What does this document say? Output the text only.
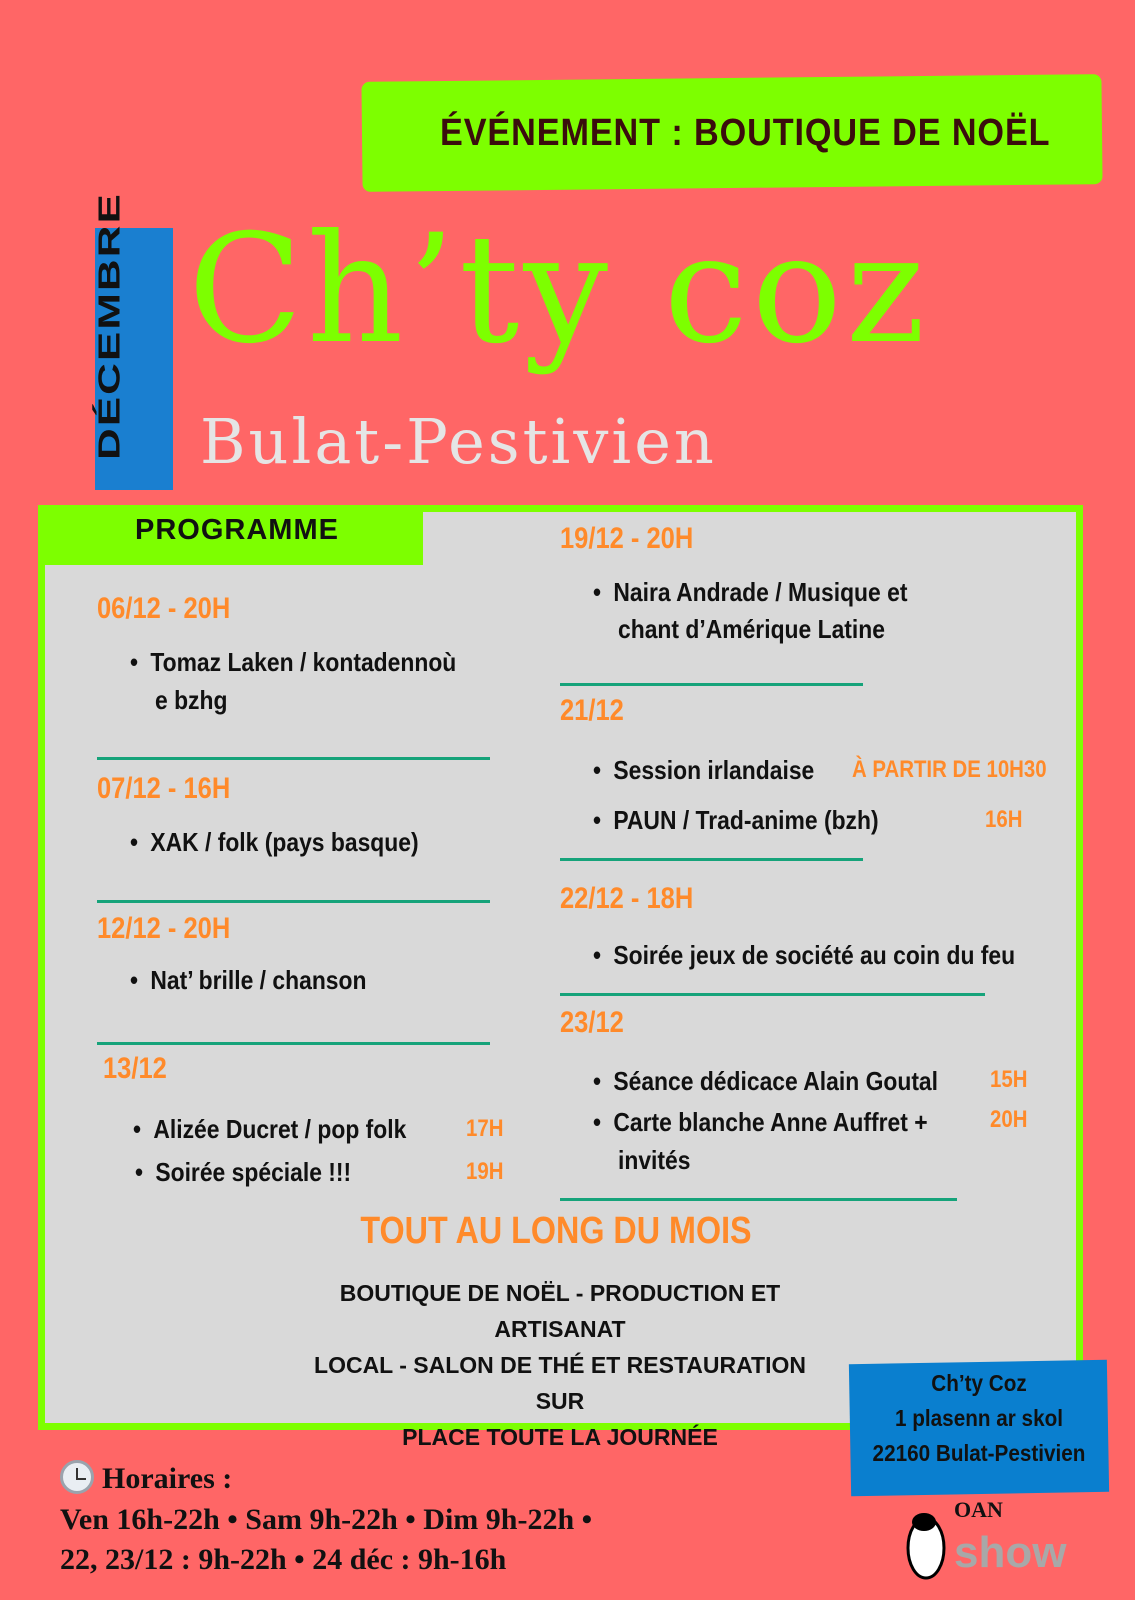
ÉVÉNEMENT : BOUTIQUE DE NOËL
DÉCEMBRE Ch’ty coz
Bulat-Pestivien
PROGRAMME
06/12 - 20H
• Tomaz Laken / kontadennoù
e bzhg
07/12 - 16H
• XAK / folk (pays basque)
12/12 - 20H
• Nat’ brille / chanson
13/12
• Alizée Ducret / pop folk 17H
• Soirée spéciale !!!	19H
19/12 - 20H
• Naira Andrade / Musique et
chant d’Amérique Latine
21/12
• Session irlandaise À PARTIR DE 10H30
• PAUN / Trad-anime (bzh)	16H
22/12 - 18H
• Soirée jeux de société au coin du feu
23/12
• Séance dédicace Alain Goutal 15H
• Carte blanche Anne Auffret +	20H
invités
TOUT AU LONG DU MOIS
BOUTIQUE DE NOËL - PRODUCTION ET ARTISANAT
LOCAL - SALON DE THÉ ET RESTAURATION SUR
PLACE TOUTE LA JOURNÉE
Ch’ty Coz
1 plasenn ar skol
22160 Bulat-Pestivien
Horaires :
Ven 16h-22h • Sam 9h-22h • Dim 9h-22h •
22, 23/12 : 9h-22h • 24 déc : 9h-16h
OAN
show
